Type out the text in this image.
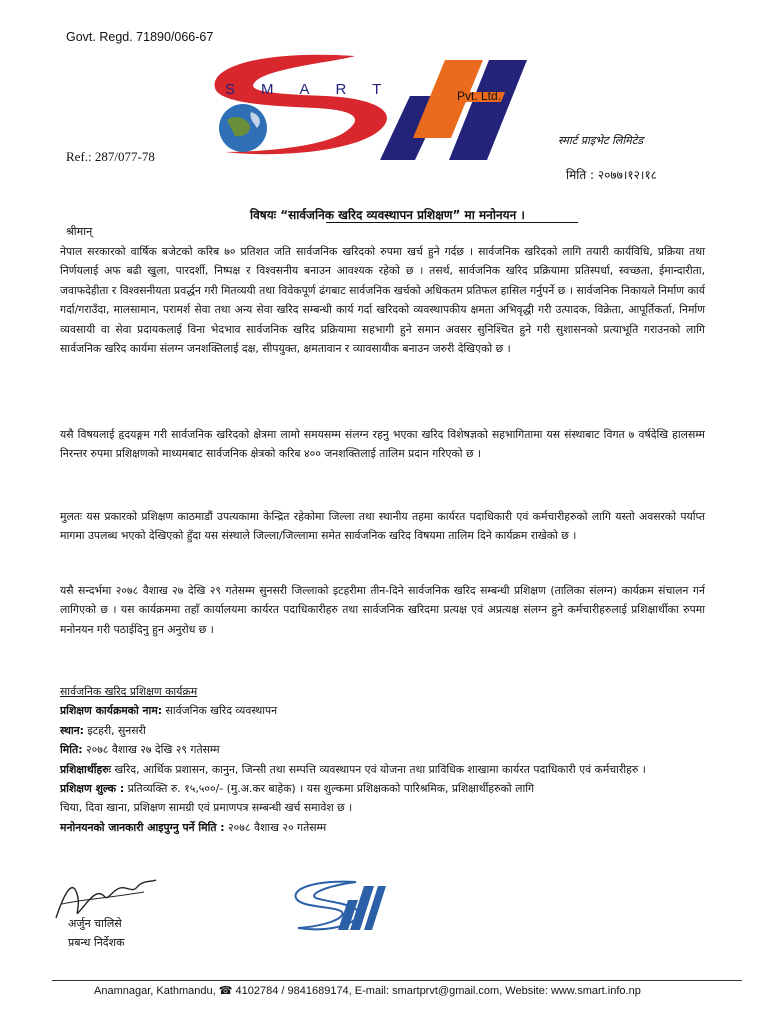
Govt. Regd. 71890/066-67
SMART	Pvt. Ltd.
स्मार्ट प्राइभेट लिमिटेड
Ref.: 287/077-78
मिति : २०७७।१२।१८
विषयः “सार्वजनिक खरिद व्यवस्थापन प्रशिक्षण” मा मनोनयन ।
श्रीमान्

नेपाल सरकारको वार्षिक बजेटको करिब ७० प्रतिशत जति सार्वजनिक खरिदको रुपमा खर्च हुने गर्दछ । सार्वजनिक खरिदको लागि तयारी कार्यविधि, प्रक्रिया तथा निर्णयलाई अफ बढी खुला, पारदर्शी, निष्पक्ष र विश्वसनीय बनाउन आवश्यक रहेको छ । तसर्थ, सार्वजनिक खरिद प्रक्रियामा प्रतिस्पर्धा, स्वच्छता, ईमान्दारीता, जवाफदेहीता र विश्वसनीयता प्रवर्द्धन गरी मितव्ययी तथा विवेकपूर्ण ढंगबाट सार्वजनिक खर्चको अधिकतम प्रतिफल हासिल गर्नुपर्ने छ । सार्वजनिक निकायले निर्माण कार्य गर्दा/गराउँदा, मालसामान, परामर्श सेवा तथा अन्य सेवा खरिद सम्बन्धी कार्य गर्दा खरिदको व्यवस्थापकीय क्षमता अभिवृद्धी गरी उत्पादक, विक्रेता, आपूर्तिकर्ता, निर्माण व्यवसायी वा सेवा प्रदायकलाई विना भेदभाव सार्वजनिक खरिद प्रक्रियामा सहभागी हुने समान अवसर सुनिश्चित हुने गरी सुशासनको प्रत्याभूति गराउनको लागि सार्वजनिक खरिद कार्यमा संलग्न जनशक्तिलाई दक्ष, सीपयुक्त, क्षमतावान र व्यावसायीक बनाउन जरुरी देखिएको छ ।

यसै विषयलाई हृदयङ्गम गरी सार्वजनिक खरिदको क्षेत्रमा लामो समयसम्म संलग्न रहनु भएका खरिद विशेषज्ञको सहभागितामा यस संस्थाबाट विगत ७ वर्षदेखि हालसम्म निरन्तर रुपमा प्रशिक्षणको माध्यमबाट सार्वजनिक क्षेत्रको करिब ४०० जनशक्तिलाई तालिम प्रदान गरिएको छ ।

मुलतः यस प्रकारको प्रशिक्षण काठमाडौं उपत्यकामा केन्द्रित रहेकोमा जिल्ला तथा स्थानीय तहमा कार्यरत पदाधिकारी एवं कर्मचारीहरुको लागि यस्तो अवसरको पर्याप्त मागमा उपलब्ध भएको देखिएको हुँदा यस संस्थाले जिल्ला/जिल्लामा समेत सार्वजनिक खरिद विषयमा तालिम दिने कार्यक्रम राखेको छ ।

यसै सन्दर्भमा २०७८ वैशाख २७ देखि २९ गतेसम्म सुनसरी जिल्लाको इटहरीमा तीन-दिने सार्वजनिक खरिद सम्बन्धी प्रशिक्षण (तालिका संलग्न) कार्यक्रम संचालन गर्न लागिएको छ । यस कार्यक्रममा तहाँ कार्यालयमा कार्यरत पदाधिकारीहरु तथा सार्वजनिक खरिदमा प्रत्यक्ष एवं अप्रत्यक्ष संलग्न हुने कर्मचारीहरुलाई प्रशिक्षार्थीका रुपमा मनोनयन गरी पठाईदिनु हुन अनुरोध छ ।

सार्वजनिक खरिद प्रशिक्षण कार्यक्रम
प्रशिक्षण कार्यक्रमको नाम: सार्वजनिक खरिद व्यवस्थापन
स्थान: इटहरी, सुनसरी
मिति: २०७८ वैशाख २७ देखि २९ गतेसम्म
प्रशिक्षार्थीहरुः खरिद, आर्थिक प्रशासन, कानुन, जिन्सी तथा सम्पत्ति व्यवस्थापन एवं योजना तथा प्राविधिक शाखामा कार्यरत पदाधिकारी एवं कर्मचारीहरु ।
प्रशिक्षण शुल्क : प्रतिव्यक्ति रु. १५,५००/- (मु.अ.कर बाहेक) । यस शुल्कमा प्रशिक्षकको पारिश्रमिक, प्रशिक्षार्थीहरुको लागि
चिया, दिवा खाना, प्रशिक्षण सामग्री एवं प्रमाणपत्र सम्बन्धी खर्च समावेश छ ।
मनोनयनको जानकारी आइपुग्नु पर्ने मिति : २०७८ वैशाख २० गतेसम्म
अर्जुन चालिसे
प्रबन्ध निर्देशक
Anamnagar, Kathmandu, ☎ 4102784 / 9841689174, E-mail: smartprvt@gmail.com, Website: www.smart.info.np
